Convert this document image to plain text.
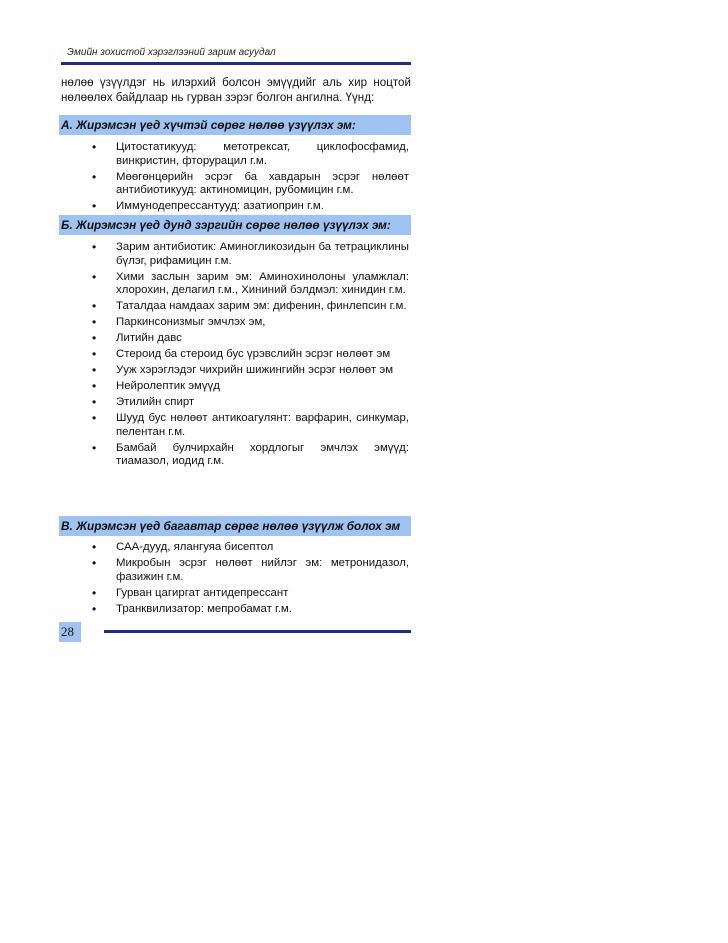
Эмийн зохистой хэрэглээний зарим асуудал
нөлөө үзүүлдэг нь илэрхий болсон эмүүдийг аль хир ноцтой нөлөөлөх байдлаар нь гурван зэрэг болгон ангилна. Үүнд:
А. Жирэмсэн үед хүчтэй сөрөг нөлөө үзүүлэх эм:
• Цитостатикууд: метотрексат, циклофосфамид, винкристин, фторурацил г.м.
• Мөөгөнцөрийн эсрэг ба хавдарын эсрэг нөлөөт антибиотикууд: актиномицин, рубомицин г.м.
• Иммунодепрессантууд: азатиоприн г.м.
Б. Жирэмсэн үед дунд зэргийн сөрөг нөлөө үзүүлэх эм:
• Зарим антибиотик: Аминогликозидын ба тетрациклины бүлэг, рифамицин г.м.
• Хими заслын зарим эм: Аминохинолоны уламжлал: хлорохин, делагил г.м., Хининий бэлдмэл: хинидин г.м.
• Таталдаа намдаах зарим эм: дифенин, финлепсин г.м.
• Паркинсонизмыг эмчлэх эм,
• Литийн давс
• Стероид ба стероид бус үрэвслийн эсрэг нөлөөт эм
• Ууж хэрэглэдэг чихрийн шижингийн эсрэг нөлөөт эм
• Нейролептик эмүүд
• Этилийн спирт
• Шууд бус нөлөөт антикоагулянт: варфарин, синкумар, пелентан г.м.
• Бамбай булчирхайн хордлогыг эмчлэх эмүүд: тиамазол, иодид г.м.
В. Жирэмсэн үед багавтар сөрөг нөлөө үзүүлж болох эм
• САА-дууд, ялангуяа бисептол
• Микробын эсрэг нөлөөт нийлэг эм: метронидазол, фазижин г.м.
• Гурван цагиргат антидепрессант
• Транквилизатор: мепробамат г.м.
28
